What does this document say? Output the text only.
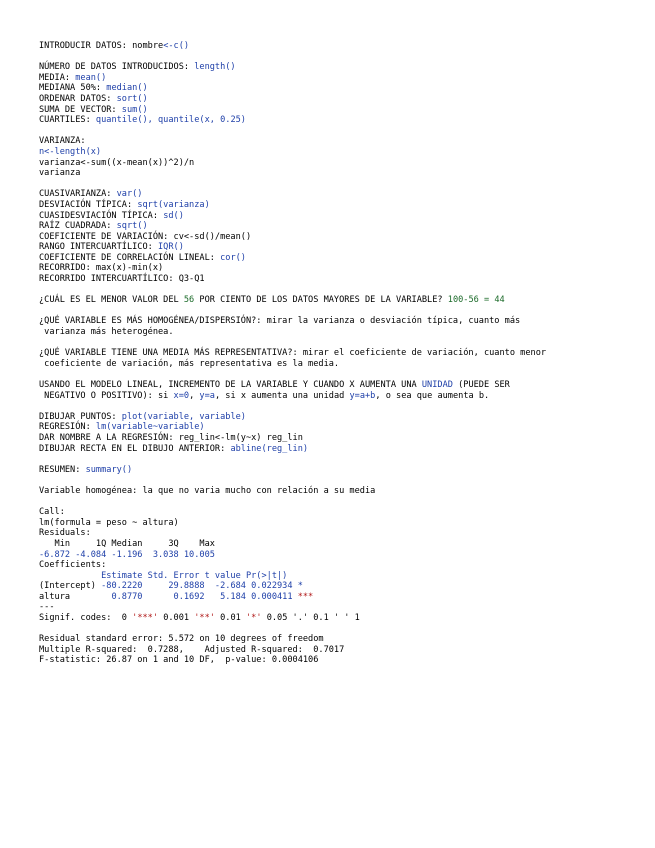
INTRODUCIR DATOS: nombre<-c()
NÚMERO DE DATOS INTRODUCIDOS: length()
MEDIA: mean()
MEDIANA 50%: median()
ORDENAR DATOS: sort()
SUMA DE VECTOR: sum()
CUARTILES: quantile(), quantile(x, 0.25)
VARIANZA:
n<-length(x)
varianza<-sum((x-mean(x))^2)/n
varianza
CUASIVARIANZA: var()
DESVIACIÓN TÍPICA: sqrt(varianza)
CUASIDESVIACIÓN TÍPICA: sd()
RAÍZ CUADRADA: sqrt()
COEFICIENTE DE VARIACIÓN: cv<-sd()/mean()
RANGO INTERCUARTÍLICO: IQR()
COEFICIENTE DE CORRELACIÓN LINEAL: cor()
RECORRIDO: max(x)-min(x)
RECORRIDO INTERCUARTÍLICO: Q3-Q1
¿CUÁL ES EL MENOR VALOR DEL 56 POR CIENTO DE LOS DATOS MAYORES DE LA VARIABLE? 100-56 = 44
¿QUÉ VARIABLE ES MÁS HOMOGÉNEA/DISPERSIÓN?: mirar la varianza o desviación típica, cuanto más
varianza más heterogénea.
¿QUÉ VARIABLE TIENE UNA MEDIA MÁS REPRESENTATIVA?: mirar el coeficiente de variación, cuanto menor
coeficiente de variación, más representativa es la media.
USANDO EL MODELO LINEAL, INCREMENTO DE LA VARIABLE Y CUANDO X AUMENTA UNA UNIDAD (PUEDE SER
NEGATIVO O POSITIVO): si x=0, y=a, si x aumenta una unidad y=a+b, o sea que aumenta b.
DIBUJAR PUNTOS: plot(variable, variable)
REGRESIÓN: lm(variable~variable)
DAR NOMBRE A LA REGRESIÓN: reg_lin<-lm(y~x) reg_lin
DIBUJAR RECTA EN EL DIBUJO ANTERIOR: abline(reg_lin)
RESUMEN: summary()
Variable homogénea: la que no varia mucho con relación a su media
Call:
lm(formula = peso ~ altura)
Residuals:
Min     1Q Median     3Q    Max
-6.872 -4.084 -1.196  3.038 10.005
Coefficients:
Estimate Std. Error t value Pr(>|t|)
(Intercept) -80.2220     29.8888  -2.684 0.022934 *
altura        0.8770      0.1692   5.184 0.000411 ***
---
Signif. codes:  0 '***' 0.001 '**' 0.01 '*' 0.05 '.' 0.1 ' ' 1
Residual standard error: 5.572 on 10 degrees of freedom
Multiple R-squared:  0.7288,    Adjusted R-squared:  0.7017
F-statistic: 26.87 on 1 and 10 DF,  p-value: 0.0004106
